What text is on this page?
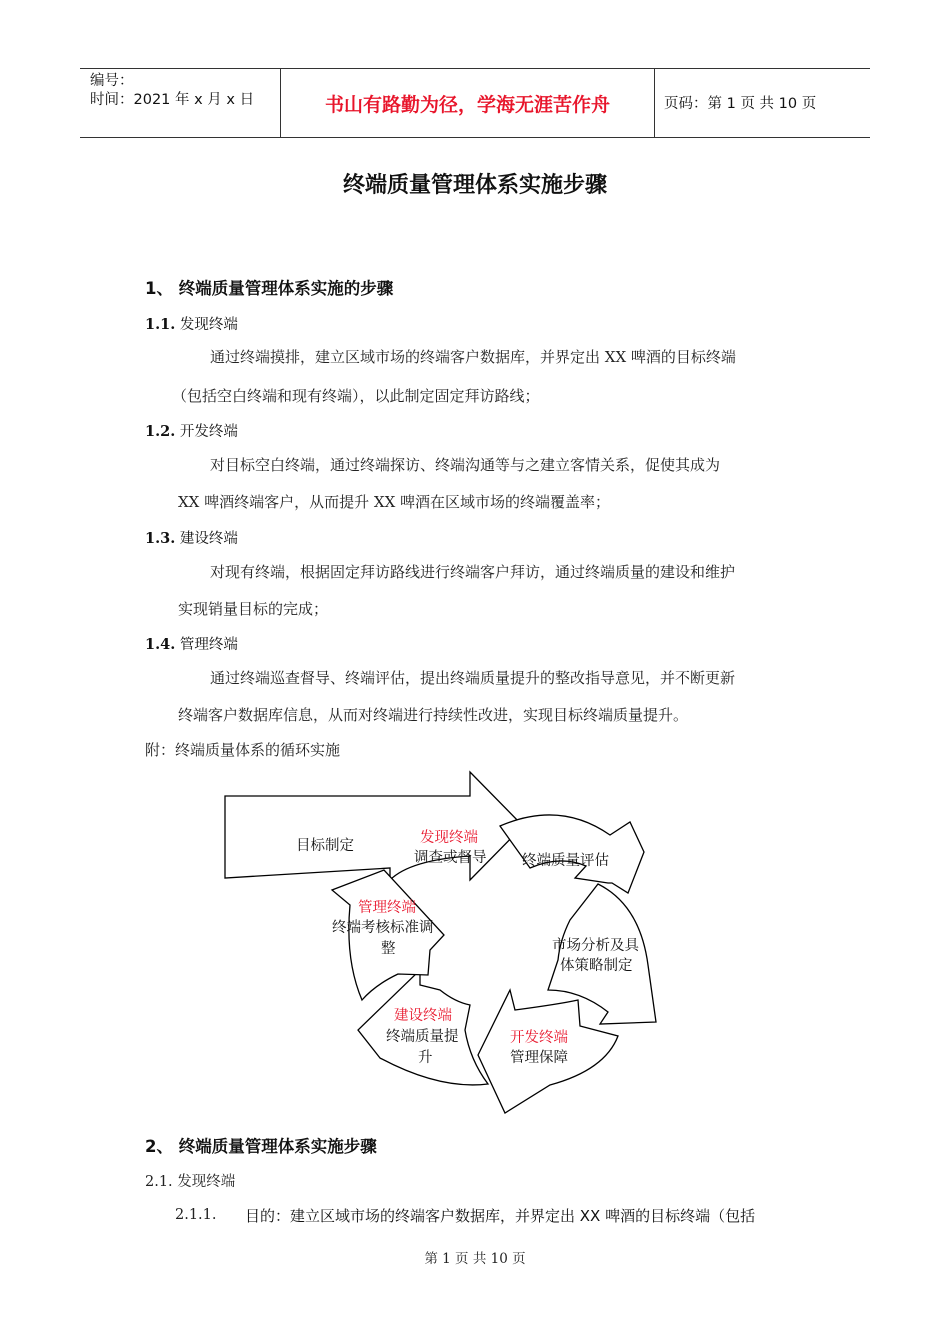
编号：
时间：2021 年 x 月 x 日	书山有路勤为径，学海无涯苦作舟	页码：第 1 页 共 10 页
终端质量管理体系实施步骤
1、 终端质量管理体系实施的步骤
1.1. 发现终端
通过终端摸排，建立区域市场的终端客户数据库，并界定出 XX 啤酒的目标终端
（包括空白终端和现有终端），以此制定固定拜访路线；
1.2. 开发终端
对目标空白终端，通过终端探访、终端沟通等与之建立客情关系，促使其成为
XX 啤酒终端客户，从而提升 XX 啤酒在区域市场的终端覆盖率；
1.3. 建设终端
对现有终端，根据固定拜访路线进行终端客户拜访，通过终端质量的建设和维护
实现销量目标的完成；
1.4. 管理终端
通过终端巡查督导、终端评估，提出终端质量提升的整改指导意见，并不断更新
终端客户数据库信息，从而对终端进行持续性改进，实现目标终端质量提升。
附：终端质量体系的循环实施
目标制定	发现终端
调查或督导 终端质量评估
市场分析及具
体策略制定
开发终端
管理保障
建设终端
终端质量提
升
管理终端
终端考核标准调
整
2、 终端质量管理体系实施步骤
2.1. 发现终端
2.1.1. 目的：建立区域市场的终端客户数据库，并界定出 XX 啤酒的目标终端（包括
第 1 页 共 10 页
